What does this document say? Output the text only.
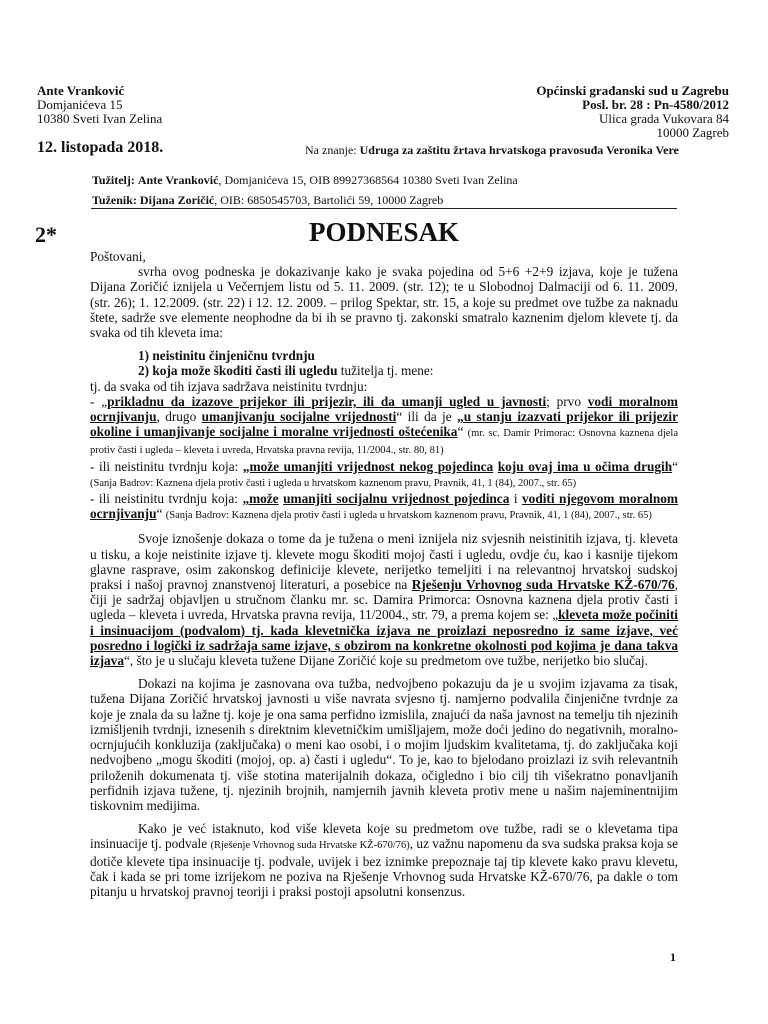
Ante Vranković
Domjanićeva 15
10380 Sveti Ivan Zelina
Općinski građanski sud u Zagrebu
Posl. br. 28 : Pn-4580/2012
Ulica grada Vukovara 84
10000 Zagreb
12. listopada 2018.	Na znanje: Udruga za zaštitu žrtava hrvatskoga pravosuđa Veronika Vere
Tužitelj: Ante Vranković, Domjanićeva 15, OIB 89927368564 10380 Sveti Ivan Zelina
Tuženik: Dijana Zoričić, OIB: 6850545703, Bartolići 59, 10000 Zagreb
2*	PODNESAK

Poštovani,

svrha ovog podneska je dokazivanje kako je svaka pojedina od 5+6 +2+9 izjava, koje je tužena Dijana Zoričić iznijela u Večernjem listu od 5. 11. 2009. (str. 12); te u Slobodnoj Dalmaciji od 6. 11. 2009. (str. 26); 1. 12.2009. (str. 22) i 12. 12. 2009. – prilog Spektar, str. 15, a koje su predmet ove tužbe za naknadu štete, sadrže sve elemente neophodne da bi ih se pravno tj. zakonski smatralo kaznenim djelom klevete tj. da svaka od tih kleveta ima:

1) neistinitu činjeničnu tvrdnju

2) koja može škoditi časti ili ugledu tužitelja tj. mene:

tj. da svaka od tih izjava sadržava neistinitu tvrdnju:

- „prikladnu da izazove prijekor ili prijezir, ili da umanji ugled u javnosti; prvo vodi moralnom ocrnjivanju, drugo umanjivanju socijalne vrijednosti“ ili da je „u stanju izazvati prijekor ili prijezir okoline i umanjivanje socijalne i moralne vrijednosti oštećenika“ (mr. sc. Damir Primorac: Osnovna kaznena djela protiv časti i ugleda – kleveta i uvreda, Hrvatska pravna revija, 11/2004., str. 80, 81)

- ili neistinitu tvrdnju koja: „može umanjiti vrijednost nekog pojedinca koju ovaj ima u očima drugih“ (Sanja Badrov: Kaznena djela protiv časti i ugleda u hrvatskom kaznenom pravu, Pravnik, 41, 1 (84), 2007., str. 65)

- ili neistinitu tvrdnju koja: „može umanjiti socijalnu vrijednost pojedinca i voditi njegovom moralnom ocrnjivanju“ (Sanja Badrov: Kaznena djela protiv časti i ugleda u hrvatskom kaznenom pravu, Pravnik, 41, 1 (84), 2007., str. 65)

Svoje iznošenje dokaza o tome da je tužena o meni iznijela niz svjesnih neistinitih izjava, tj. kleveta u tisku, a koje neistinite izjave tj. klevete mogu škoditi mojoj časti i ugledu, ovdje ću, kao i kasnije tijekom glavne rasprave, osim zakonskog definicije klevete, nerijetko temeljiti i na relevantnoj hrvatskoj sudskoj praksi i našoj pravnoj znanstvenoj literaturi, a posebice na Rješenju Vrhovnog suda Hrvatske KŽ-670/76, čiji je sadržaj objavljen u stručnom članku mr. sc. Damira Primorca: Osnovna kaznena djela protiv časti i ugleda – kleveta i uvreda, Hrvatska pravna revija, 11/2004., str. 79, a prema kojem se: „kleveta može počiniti i insinuacijom (podvalom) tj. kada klevetnička izjava ne proizlazi neposredno iz same izjave, već posredno i logički iz sadržaja same izjave, s obzirom na konkretne okolnosti pod kojima je dana takva izjava“, što je u slučaju kleveta tužene Dijane Zoričić koje su predmetom ove tužbe, nerijetko bio slučaj.

Dokazi na kojima je zasnovana ova tužba, nedvojbeno pokazuju da je u svojim izjavama za tisak, tužena Dijana Zoričić hrvatskoj javnosti u više navrata svjesno tj. namjerno podvalila činjenične tvrdnje za koje je znala da su lažne tj. koje je ona sama perfidno izmislila, znajući da naša javnost na temelju tih njezinih izmišljenih tvrdnji, iznesenih s direktnim klevetničkim umišljajem, može doći jedino do negativnih, moralno-ocrnjujućih konkluzija (zaključaka) o meni kao osobi, i o mojim ljudskim kvalitetama, tj. do zaključaka koji nedvojbeno „mogu škoditi (mojoj, op. a) časti i ugledu“. To je, kao to bjelodano proizlazi iz svih relevantnih priloženih dokumenata tj. više stotina materijalnih dokaza, očigledno i bio cilj tih višekratno ponavljanih perfidnih izjava tužene, tj. njezinih brojnih, namjernih javnih kleveta protiv mene u našim najeminentnijim tiskovnim medijima.

Kako je već istaknuto, kod više kleveta koje su predmetom ove tužbe, radi se o klevetama tipa insinuacije tj. podvale (Rješenje Vrhovnog suda Hrvatske KŽ-670/76), uz važnu napomenu da sva sudska praksa koja se dotiče klevete tipa insinuacije tj. podvale, uvijek i bez iznimke prepoznaje taj tip klevete kako pravu klevetu, čak i kada se pri tome izrijekom ne poziva na Rješenje Vrhovnog suda Hrvatske KŽ-670/76, pa dakle o tom pitanju u hrvatskoj pravnoj teoriji i praksi postoji apsolutni konsenzus.

1
